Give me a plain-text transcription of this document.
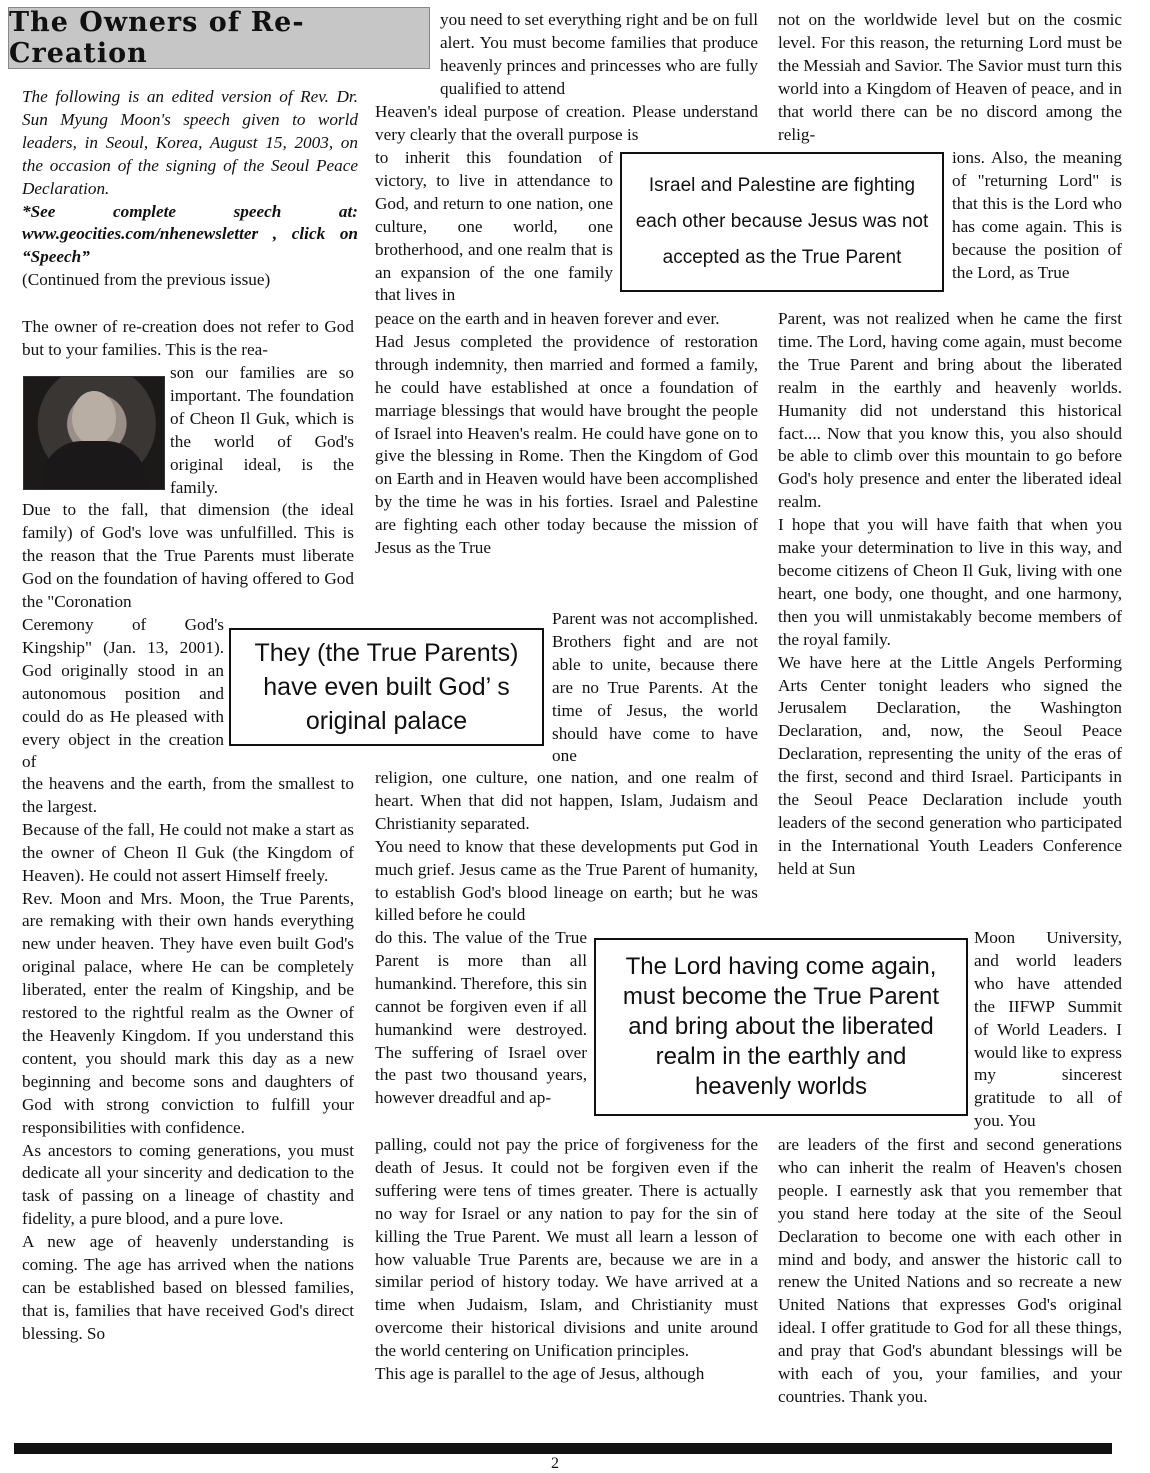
The Owners of Re-Creation
The following is an edited version of Rev. Dr. Sun Myung Moon's speech given to world leaders, in Seoul, Korea, August 15, 2003, on the occasion of the signing of the Seoul Peace Declaration.
*See complete speech at: www.geocities.com/nhenewsletter , click on “Speech”
(Continued from the previous issue)

The owner of re-creation does not refer to God but to your families. This is the rea-

son our families are so important. The foundation of Cheon Il Guk, which is the world of God's original ideal, is the family.

Due to the fall, that dimension (the ideal family) of God's love was unfulfilled. This is the reason that the True Parents must liberate God on the foundation of having offered to God the "Coronation

Ceremony of God's Kingship" (Jan. 13, 2001). God originally stood in an autonomous position and could do as He pleased with every object in the creation of

the heavens and the earth, from the smallest to the largest.

Because of the fall, He could not make a start as the owner of Cheon Il Guk (the Kingdom of Heaven). He could not assert Himself freely.

Rev. Moon and Mrs. Moon, the True Parents, are remaking with their own hands everything new under heaven. They have even built God's original palace, where He can be completely liberated, enter the realm of Kingship, and be restored to the rightful realm as the Owner of the Heavenly Kingdom. If you understand this content, you should mark this day as a new beginning and become sons and daughters of God with strong conviction to fulfill your responsibilities with confidence.

As ancestors to coming generations, you must dedicate all your sincerity and dedication to the task of passing on a lineage of chastity and fidelity, a pure blood, and a pure love.

A new age of heavenly understanding is coming. The age has arrived when the nations can be established based on blessed families, that is, families that have received God's direct blessing. So

you need to set everything right and be on full alert. You must become families that produce heavenly princes and princesses who are fully qualified to attend

Heaven's ideal purpose of creation. Please understand very clearly that the overall purpose is

to inherit this foundation of victory, to live in attendance to God, and return to one nation, one culture, one world, one brotherhood, and one realm that is an expansion of the one family that lives in

peace on the earth and in heaven forever and ever.

Had Jesus completed the providence of restoration through indemnity, then married and formed a family, he could have established at once a foundation of marriage blessings that would have brought the people of Israel into Heaven's realm. He could have gone on to give the blessing in Rome. Then the Kingdom of God on Earth and in Heaven would have been accomplished by the time he was in his forties. Israel and Palestine are fighting each other today because the mission of Jesus as the True

Parent was not accomplished. Brothers fight and are not able to unite, because there are no True Parents. At the time of Jesus, the world should have come to have one

religion, one culture, one nation, and one realm of heart. When that did not happen, Islam, Judaism and Christianity separated.

You need to know that these developments put God in much grief. Jesus came as the True Parent of humanity, to establish God's blood lineage on earth; but he was killed before he could

do this. The value of the True Parent is more than all humankind. Therefore, this sin cannot be forgiven even if all humankind were destroyed. The suffering of Israel over the past two thousand years, however dreadful and ap-

palling, could not pay the price of forgiveness for the death of Jesus. It could not be forgiven even if the suffering were tens of times greater. There is actually no way for Israel or any nation to pay for the sin of killing the True Parent. We must all learn a lesson of how valuable True Parents are, because we are in a similar period of history today. We have arrived at a time when Judaism, Islam, and Christianity must overcome their historical divisions and unite around the world centering on Unification principles.

This age is parallel to the age of Jesus, although

not on the worldwide level but on the cosmic level. For this reason, the returning Lord must be the Messiah and Savior. The Savior must turn this world into a Kingdom of Heaven of peace, and in that world there can be no discord among the relig-

ions. Also, the meaning of "returning Lord" is that this is the Lord who has come again. This is because the position of the Lord, as True

Parent, was not realized when he came the first time. The Lord, having come again, must become the True Parent and bring about the liberated realm in the earthly and heavenly worlds. Humanity did not understand this historical fact.... Now that you know this, you also should be able to climb over this mountain to go before God's holy presence and enter the liberated ideal realm.

I hope that you will have faith that when you make your determination to live in this way, and become citizens of Cheon Il Guk, living with one heart, one body, one thought, and one harmony, then you will unmistakably become members of the royal family.

We have here at the Little Angels Performing Arts Center tonight leaders who signed the Jerusalem Declaration, the Washington Declaration, and, now, the Seoul Peace Declaration, representing the unity of the eras of the first, second and third Israel. Participants in the Seoul Peace Declaration include youth leaders of the second generation who participated in the International Youth Leaders Conference held at Sun

Moon University, and world leaders who have attended the IIFWP Summit of World Leaders. I would like to express my sincerest gratitude to all of you. You

are leaders of the first and second generations who can inherit the realm of Heaven's chosen people. I earnestly ask that you remember that you stand here today at the site of the Seoul Declaration to become one with each other in mind and body, and answer the historic call to renew the United Nations and so recreate a new United Nations that expresses God's original ideal. I offer gratitude to God for all these things, and pray that God's abundant blessings will be with each of you, your families, and your countries. Thank you.

Israel and Palestine are fighting each other because Jesus was not accepted as the True Parent
They (the True Parents) have even built God’ s original palace
The Lord having come again, must become the True Parent and bring about the liberated realm in the earthly and heavenly worlds
2
